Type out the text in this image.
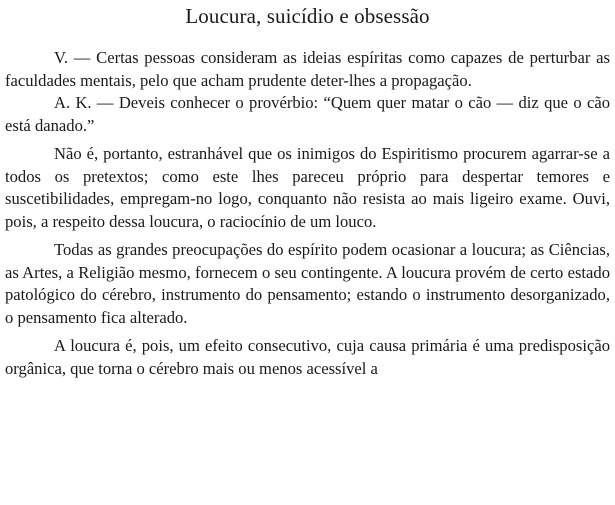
Loucura, suicídio e obsessão

V. — Certas pessoas consideram as ideias espíritas como capazes de perturbar as faculdades mentais, pelo que acham prudente deter-lhes a propagação.

A. K. — Deveis conhecer o provérbio: “Quem quer matar o cão — diz que o cão está danado.”

Não é, portanto, estranhável que os inimigos do Espiritismo procurem agarrar-se a todos os pretextos; como este lhes pareceu próprio para despertar temores e suscetibilidades, empregam-no logo, conquanto não resista ao mais ligeiro exame. Ouvi, pois, a respeito dessa loucura, o raciocínio de um louco.

Todas as grandes preocupações do espírito podem ocasionar a loucura; as Ciências, as Artes, a Religião mesmo, fornecem o seu contingente. A loucura provém de certo estado patológico do cérebro, instrumento do pensamento; estando o instrumento desorganizado, o pensamento fica alterado.

A loucura é, pois, um efeito consecutivo, cuja causa primária é uma predisposição orgânica, que torna o cérebro mais ou menos acessível a
